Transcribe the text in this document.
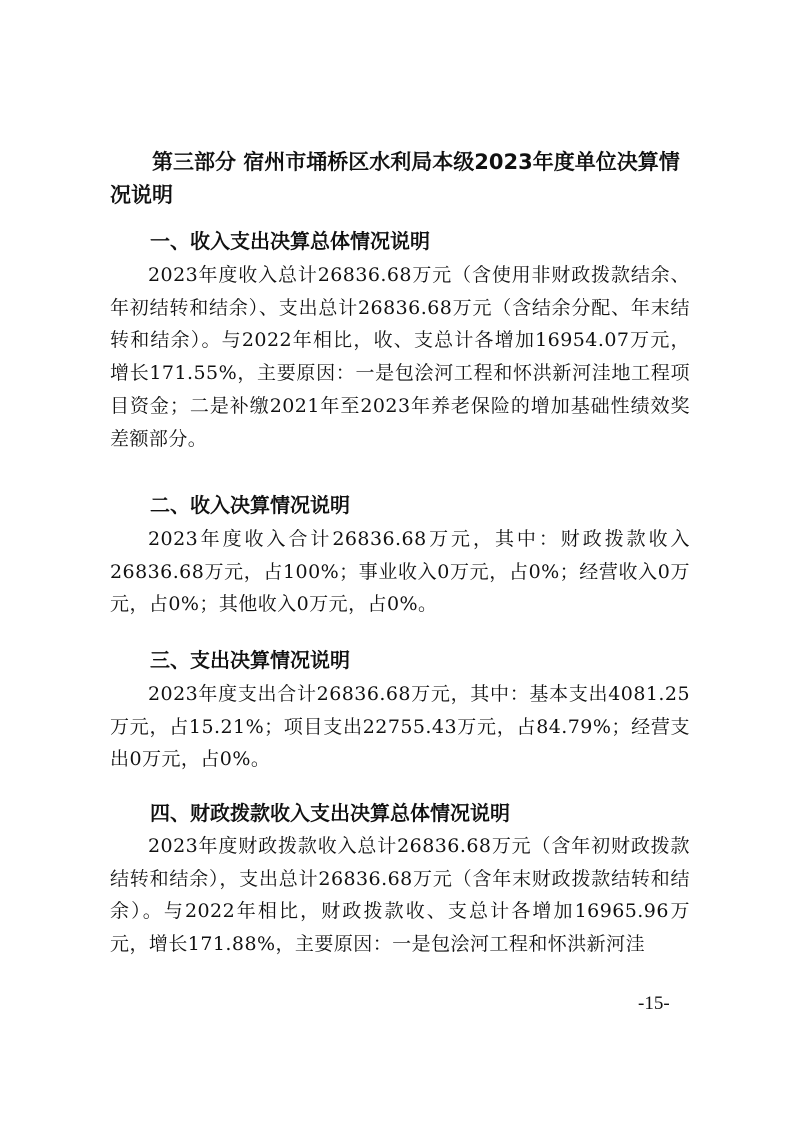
第三部分 宿州市埇桥区水利局本级2023年度单位决算情况说明
一、收入支出决算总体情况说明

2023年度收入总计26836.68万元（含使用非财政拨款结余、年初结转和结余）、支出总计26836.68万元（含结余分配、年末结转和结余）。与2022年相比，收、支总计各增加16954.07万元，增长171.55%，主要原因：一是包浍河工程和怀洪新河洼地工程项目资金；二是补缴2021年至2023年养老保险的增加基础性绩效奖差额部分。

二、收入决算情况说明

2023年度收入合计26836.68万元，其中：财政拨款收入26836.68万元，占100%；事业收入0万元，占0%；经营收入0万元，占0%；其他收入0万元，占0%。

三、支出决算情况说明

2023年度支出合计26836.68万元，其中：基本支出4081.25万元，占15.21%；项目支出22755.43万元，占84.79%；经营支出0万元，占0%。

四、财政拨款收入支出决算总体情况说明

2023年度财政拨款收入总计26836.68万元（含年初财政拨款结转和结余），支出总计26836.68万元（含年末财政拨款结转和结余）。与2022年相比，财政拨款收、支总计各增加16965.96万元，增长171.88%，主要原因：一是包浍河工程和怀洪新河洼

-15-
